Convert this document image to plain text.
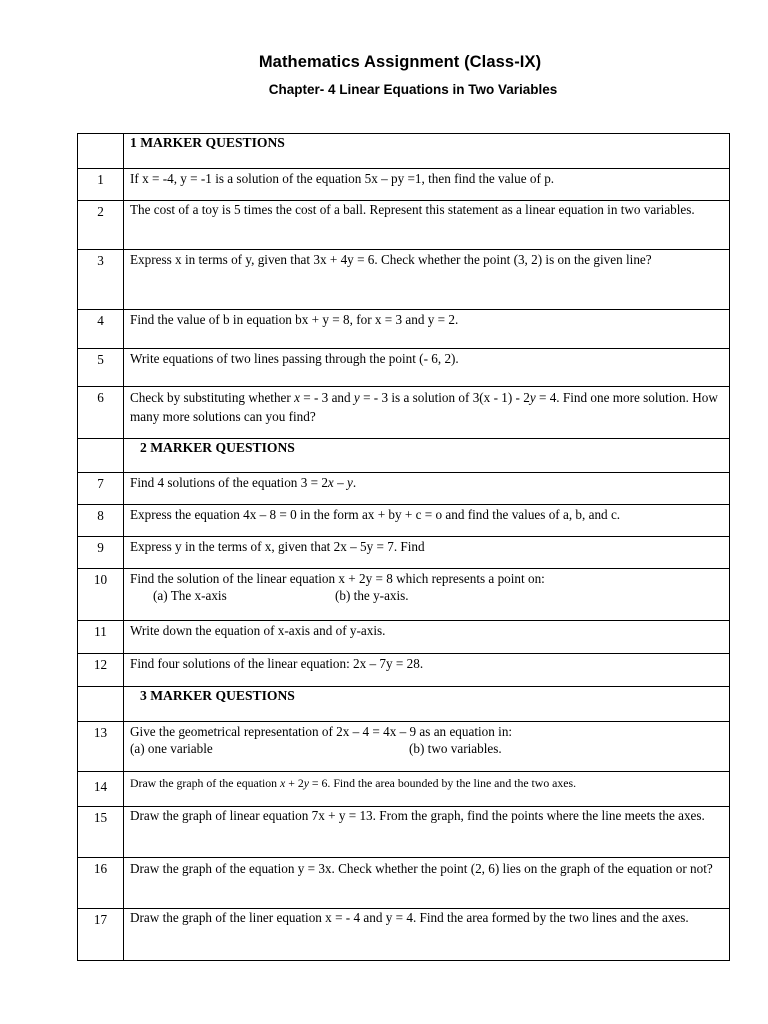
Mathematics Assignment (Class-IX)
Chapter- 4 Linear Equations in Two Variables
	1 MARKER QUESTIONS
1	If x = -4, y = -1 is a solution of the equation 5x – py =1, then find the value of p.
2	The cost of a toy is 5 times the cost of a ball. Represent this statement as a linear equation in two variables.
3	Express x in terms of y, given that 3x + 4y = 6. Check whether the point (3, 2) is on the given line?
4	Find the value of b in equation bx + y = 8, for x = 3 and y = 2.
5	Write equations of two lines passing through the point (- 6, 2).
6	Check by substituting whether x = - 3 and y = - 3 is a solution of 3(x - 1) - 2y = 4. Find one more solution. How many more solutions can you find?
	2 MARKER QUESTIONS
7	Find 4 solutions of the equation 3 = 2x – y.
8	Express the equation 4x – 8 = 0 in the form ax + by + c = o and find the values of a, b, and c.
9	Express y in the terms of x, given that 2x – 5y = 7. Find
10	Find the solution of the linear equation x + 2y = 8 which represents a point on:
(a) The x-axis (b) the y-axis.

11	Write down the equation of x-axis and of y-axis.
12	Find four solutions of the linear equation: 2x – 7y = 28.
	3 MARKER QUESTIONS
13	Give the geometrical representation of 2x – 4 = 4x – 9 as an equation in:
(a) one variable (b) two variables.

14	Draw the graph of the equation x + 2y = 6. Find the area bounded by the line and the two axes.
15	Draw the graph of linear equation 7x + y = 13. From the graph, find the points where the line meets the axes.
16	Draw the graph of the equation y = 3x. Check whether the point (2, 6) lies on the graph of the equation or not?
17	Draw the graph of the liner equation x = - 4 and y = 4. Find the area formed by the two lines and the axes.
